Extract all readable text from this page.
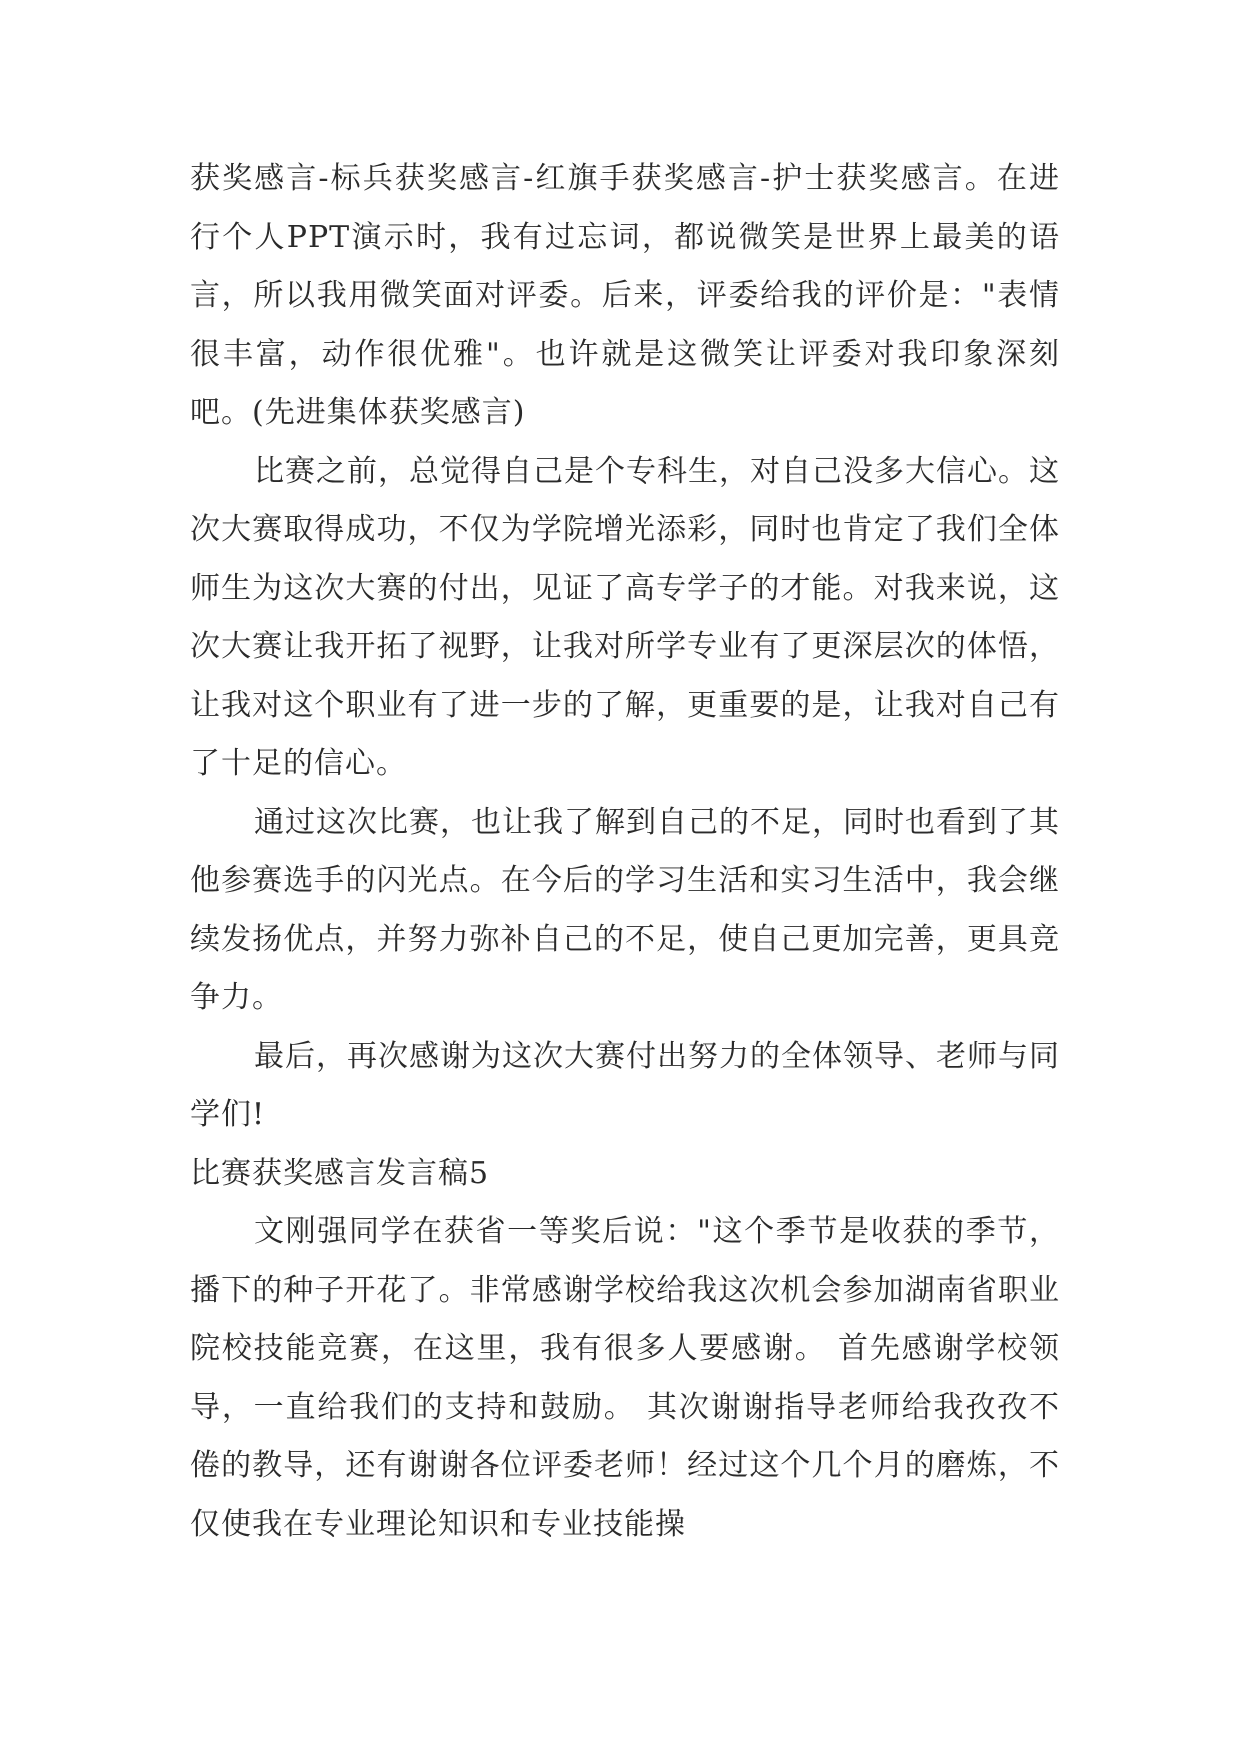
获奖感言-标兵获奖感言-红旗手获奖感言-护士获奖感言。在进行个人PPT演示时，我有过忘词，都说微笑是世界上最美的语言，所以我用微笑面对评委。后来，评委给我的评价是："表情很丰富，动作很优雅"。也许就是这微笑让评委对我印象深刻吧。(先进集体获奖感言)

比赛之前，总觉得自己是个专科生，对自己没多大信心。这次大赛取得成功，不仅为学院增光添彩，同时也肯定了我们全体师生为这次大赛的付出，见证了高专学子的才能。对我来说，这次大赛让我开拓了视野，让我对所学专业有了更深层次的体悟，让我对这个职业有了进一步的了解，更重要的是，让我对自己有了十足的信心。

通过这次比赛，也让我了解到自己的不足，同时也看到了其他参赛选手的闪光点。在今后的学习生活和实习生活中，我会继续发扬优点，并努力弥补自己的不足，使自己更加完善，更具竞争力。

最后，再次感谢为这次大赛付出努力的全体领导、老师与同学们!

比赛获奖感言发言稿5

文刚强同学在获省一等奖后说："这个季节是收获的季节，播下的种子开花了。非常感谢学校给我这次机会参加湖南省职业院校技能竞赛，在这里，我有很多人要感谢。 首先感谢学校领导，一直给我们的支持和鼓励。 其次谢谢指导老师给我孜孜不倦的教导，还有谢谢各位评委老师！经过这个几个月的磨炼，不仅使我在专业理论知识和专业技能操
